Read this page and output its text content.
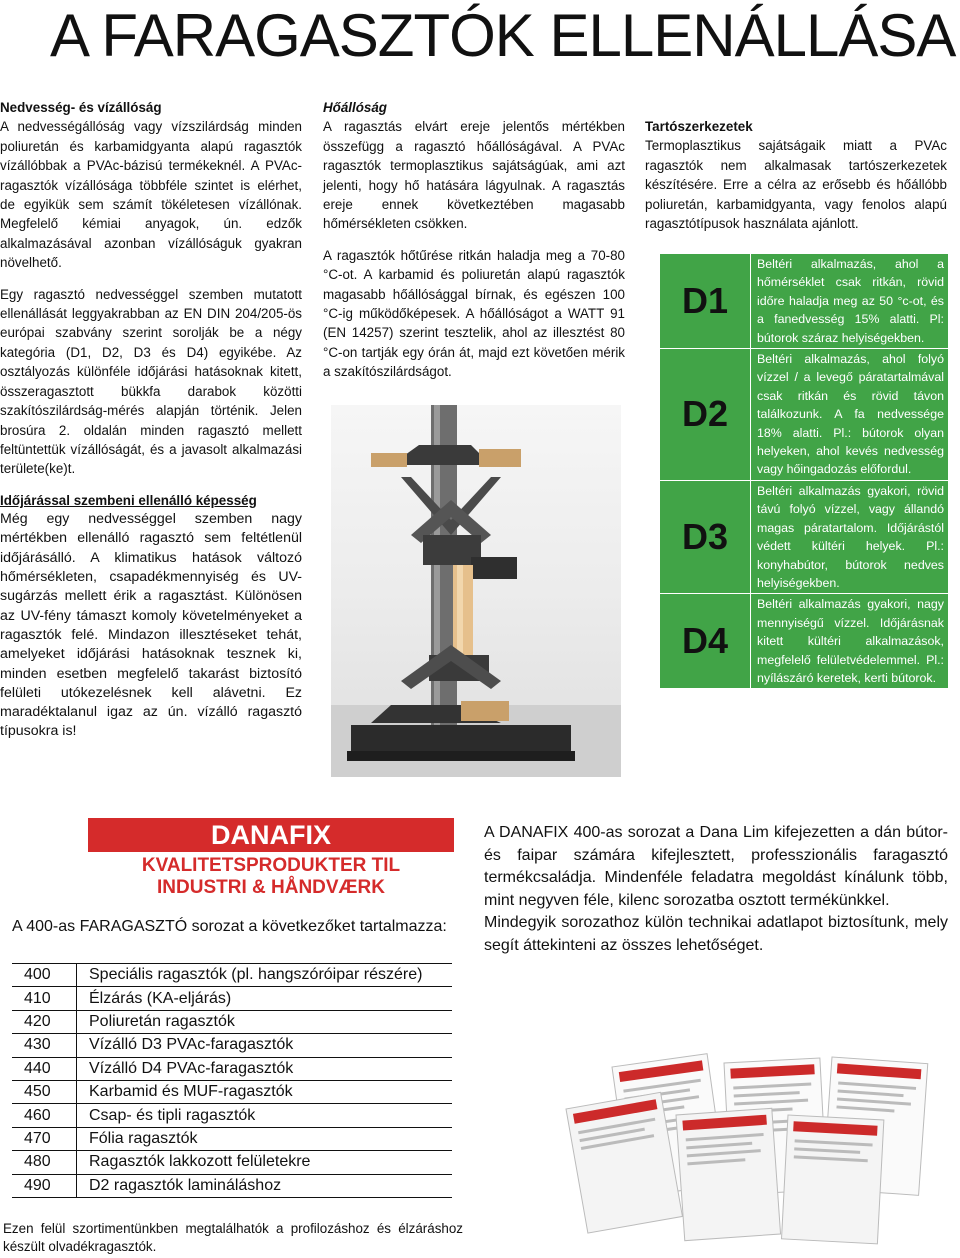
A FARAGASZTÓK ELLENÁLLÁSA
Nedvesség- és vízállóság

A nedvességállóság vagy vízszilárdság minden poliuretán és karbamidgyanta alapú ragasztók vízállóbbak a PVAc-bázisú termékeknél. A PVAc-ragasztók vízállósága többféle szintet is elérhet, de egyikük sem számít tökéletesen vízállónak. Megfelelő kémiai anyagok, ún. edzők alkalmazásával azonban vízállóságuk gyakran növelhető.

Egy ragasztó nedvességgel szemben mutatott ellenállását leggyakrabban az EN DIN 204/205-ös európai szabvány szerint sorolják be a négy kategória (D1, D2, D3 és D4) egyikébe. Az osztályozás különféle időjárási hatásoknak kitett, összeragasztott bükkfa darabok közötti szakítószilárdság-mérés alapján történik. Jelen brosúra 2. oldalán minden ragasztó mellett feltüntettük vízállóságát, és a javasolt alkalmazási területe(ke)t.

Időjárással szembeni ellenálló képesség

Még egy nedvességgel szemben nagy mértékben ellenálló ragasztó sem feltétlenül időjárásálló. A klimatikus hatások változó hőmérsékleten, csapadékmennyiség és UV-sugárzás mellett érik a ragasztást. Különösen az UV-fény támaszt komoly követelményeket a ragasztók felé. Mindazon illesztéseket tehát, amelyeket időjárási hatásoknak tesznek ki, minden esetben megfelelő takarást biztosító felületi utókezelésnek kell alávetni. Ez maradéktalanul igaz az ún. vízálló ragasztó típusokra is!

Hőállóság

A ragasztás elvárt ereje jelentős mértékben összefügg a ragasztó hőállóságával. A PVAc ragasztók termoplasztikus sajátságúak, ami azt jelenti, hogy hő hatására lágyulnak. A ragasztás ereje ennek következtében magasabb hőmérsékleten csökken.

A ragasztók hőtűrése ritkán haladja meg a 70-80 °C-ot. A karbamid és poliuretán alapú ragasztók magasabb hőállósággal bírnak, és egészen 100 °C-ig működőképesek. A hőállóságot a WATT 91 (EN 14257) szerint tesztelik, ahol az illesztést 80 °C-on tartják egy órán át, majd ezt követően mérik a szakítószilárdságot.

Tartószerkezetek

Termoplasztikus sajátságaik miatt a PVAc ragasztók nem alkalmasak tartószerkezetek készítésére. Erre a célra az erősebb és hőállóbb poliuretán, karbamidgyanta, vagy fenolos alapú ragasztótípusok használata ajánlott.

D1	Beltéri alkalmazás, ahol a hőmérséklet csak ritkán, rövid időre haladja meg az 50 °c-ot, és a fanedvesség 15% alatti. Pl: bútorok száraz helyiségekben.
D2	Beltéri alkalmazás, ahol folyó vízzel / a levegő páratartalmával csak ritkán és rövid távon találkozunk. A fa nedvessége 18% alatti. Pl.: bútorok olyan helyeken, ahol kevés nedvesség vagy hőingadozás előfordul.
D3	Beltéri alkalmazás gyakori, rövid távú folyó vízzel, vagy állandó magas páratartalom. Időjárástól védett kültéri helyek. Pl.: konyhabútor, bútorok nedves helyiségekben.
D4	Beltéri alkalmazás gyakori, nagy mennyiségű vízzel. Időjárásnak kitett kültéri alkalmazások, megfelelő felületvédelemmel. Pl.: nyílászáró keretek, kerti bútorok.
DANAFIX
KVALITETSPRODUKTER TIL
INDUSTRI & HÅNDVÆRK
A 400-as FARAGASZTÓ sorozat a következőket tartalmazza:
400	Speciális ragasztók (pl. hangszóróipar részére)
410	Élzárás (KA-eljárás)
420	Poliuretán ragasztók
430	Vízálló D3 PVAc-faragasztók
440	Vízálló D4 PVAc-faragasztók
450	Karbamid és MUF-ragasztók
460	Csap- és tipli ragasztók
470	Fólia ragasztók
480	Ragasztók lakkozott felületekre
490	D2 ragasztók lamináláshoz

A DANAFIX 400-as sorozat a Dana Lim kifejezetten a dán bútor- és faipar számára kifejlesztett, professzionális faragasztó termékcsaládja. Mindenféle feladatra megoldást kínálunk több, mint negyven féle, kilenc sorozatba osztott termékünkkel.

Mindegyik sorozathoz külön technikai adatlapot biztosítunk, mely segít áttekinteni az összes lehetőséget.

Ezen felül szortimentünkben megtalálhatók a profilozáshoz és élzáráshoz készült olvadékragasztók.
